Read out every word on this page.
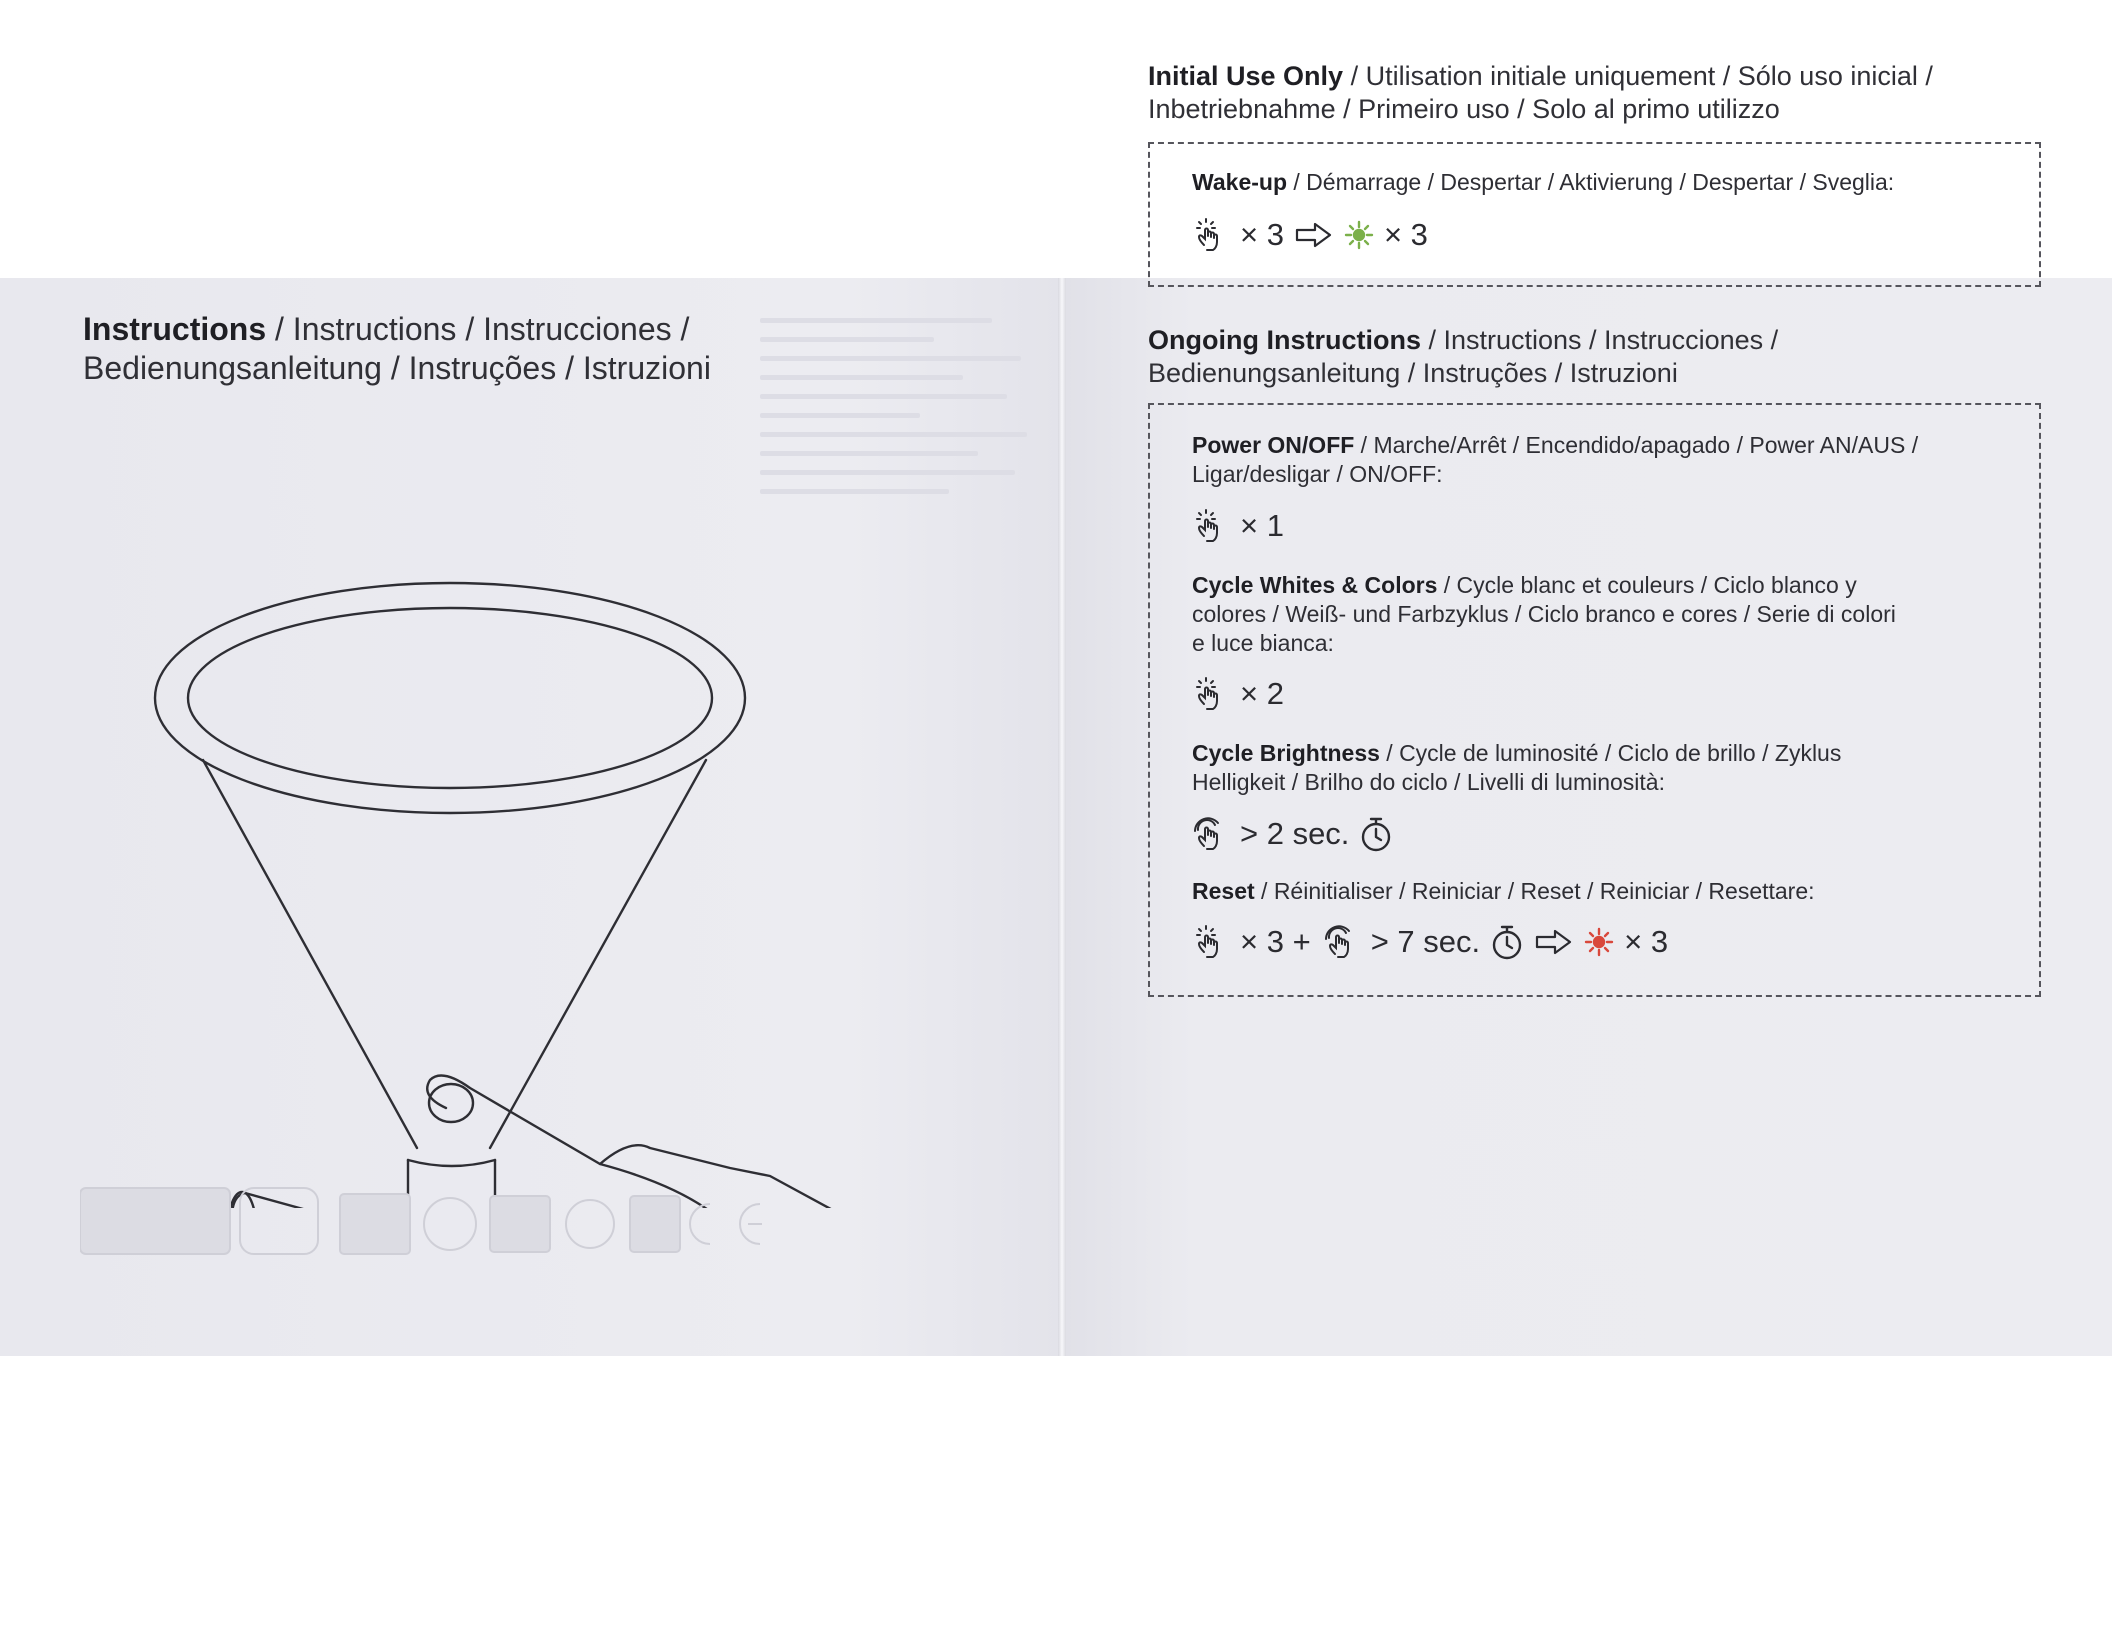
Instructions / Instructions / Instrucciones /
Bedienungsanleitung / Instruções / Istruzioni
Initial Use Only / Utilisation initiale uniquement / Sólo uso inicial /
Inbetriebnahme / Primeiro uso / Solo al primo utilizzo
Wake-up / Démarrage / Despertar / Aktivierung / Despertar / Sveglia:
× 3	× 3
Ongoing Instructions / Instructions / Instrucciones /
Bedienungsanleitung / Instruções / Istruzioni
Power ON/OFF / Marche/Arrêt / Encendido/apagado / Power AN/AUS /
Ligar/desligar / ON/OFF:
× 1
Cycle Whites & Colors / Cycle blanc et couleurs / Ciclo blanco y
colores / Weiß- und Farbzyklus / Ciclo branco e cores / Serie di colori
e luce bianca:
× 2
Cycle Brightness / Cycle de luminosité / Ciclo de brillo / Zyklus
Helligkeit / Brilho do ciclo / Livelli di luminosità:
> 2 sec.
Reset / Réinitialiser / Reiniciar / Reset / Reiniciar / Resettare:
× 3 + > 7 sec.	× 3
